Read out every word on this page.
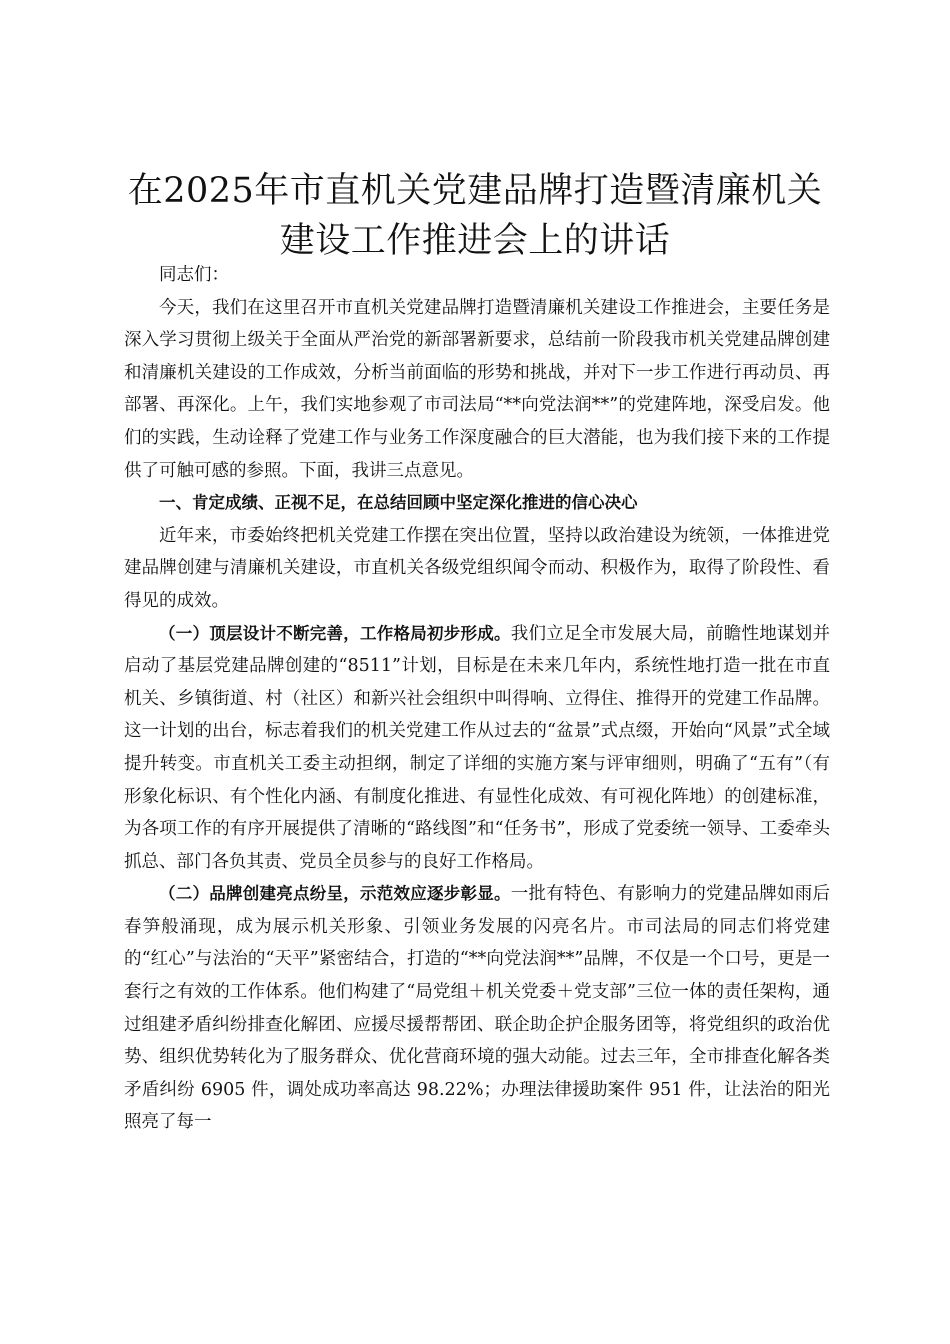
在2025年市直机关党建品牌打造暨清廉机关
建设工作推进会上的讲话

同志们：

今天，我们在这里召开市直机关党建品牌打造暨清廉机关建设工作推进会，主要任务是深入学习贯彻上级关于全面从严治党的新部署新要求，总结前一阶段我市机关党建品牌创建和清廉机关建设的工作成效，分析当前面临的形势和挑战，并对下一步工作进行再动员、再部署、再深化。上午，我们实地参观了市司法局“**向党法润**”的党建阵地，深受启发。他们的实践，生动诠释了党建工作与业务工作深度融合的巨大潜能，也为我们接下来的工作提供了可触可感的参照。下面，我讲三点意见。

一、肯定成绩、正视不足，在总结回顾中坚定深化推进的信心决心

近年来，市委始终把机关党建工作摆在突出位置，坚持以政治建设为统领，一体推进党建品牌创建与清廉机关建设，市直机关各级党组织闻令而动、积极作为，取得了阶段性、看得见的成效。

（一）顶层设计不断完善，工作格局初步形成。我们立足全市发展大局，前瞻性地谋划并启动了基层党建品牌创建的“8511”计划，目标是在未来几年内，系统性地打造一批在市直机关、乡镇街道、村（社区）和新兴社会组织中叫得响、立得住、推得开的党建工作品牌。这一计划的出台，标志着我们的机关党建工作从过去的“盆景”式点缀，开始向“风景”式全域提升转变。市直机关工委主动担纲，制定了详细的实施方案与评审细则，明确了“五有”（有形象化标识、有个性化内涵、有制度化推进、有显性化成效、有可视化阵地）的创建标准，为各项工作的有序开展提供了清晰的“路线图”和“任务书”，形成了党委统一领导、工委牵头抓总、部门各负其责、党员全员参与的良好工作格局。

（二）品牌创建亮点纷呈，示范效应逐步彰显。一批有特色、有影响力的党建品牌如雨后春笋般涌现，成为展示机关形象、引领业务发展的闪亮名片。市司法局的同志们将党建的“红心”与法治的“天平”紧密结合，打造的“**向党法润**”品牌，不仅是一个口号，更是一套行之有效的工作体系。他们构建了“局党组＋机关党委＋党支部”三位一体的责任架构，通过组建矛盾纠纷排查化解团、应援尽援帮帮团、联企助企护企服务团等，将党组织的政治优势、组织优势转化为了服务群众、优化营商环境的强大动能。过去三年，全市排查化解各类矛盾纠纷 6905 件，调处成功率高达 98.22%；办理法律援助案件 951 件，让法治的阳光照亮了每一
